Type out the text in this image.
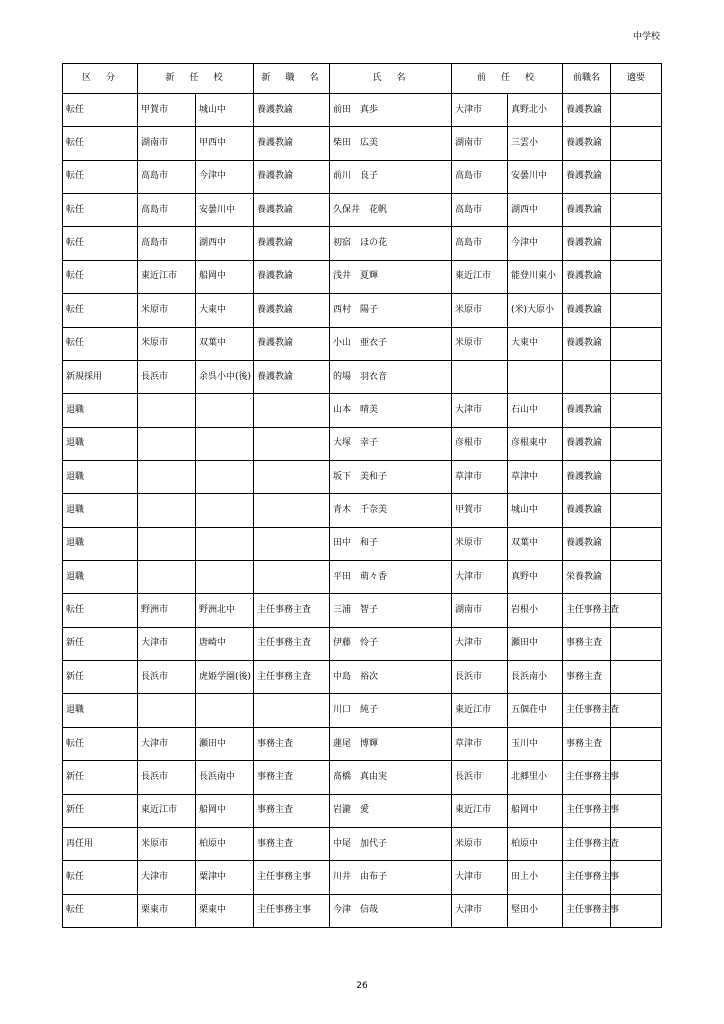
中学校
区　分	新　任　校		新　職　名	氏　名	前　任　校		前職名	適要
転任	甲賀市	城山中	養護教諭	前田　真歩	大津市	真野北小	養護教諭	
転任	湖南市	甲西中	養護教諭	柴田　広美	湖南市	三雲小	養護教諭	
転任	高島市	今津中	養護教諭	前川　良子	高島市	安曇川中	養護教諭	
転任	高島市	安曇川中	養護教諭	久保井　花帆	高島市	湖西中	養護教諭	
転任	高島市	湖西中	養護教諭	初宿　ほの花	高島市	今津中	養護教諭	
転任	東近江市	船岡中	養護教諭	浅井　夏輝	東近江市	能登川東小	養護教諭	
転任	米原市	大東中	養護教諭	西村　陽子	米原市	(米)大原小	養護教諭	
転任	米原市	双葉中	養護教諭	小山　亜衣子	米原市	大東中	養護教諭	
新規採用	長浜市	余呉小中(後)	養護教諭	的場　羽衣音				
退職				山本　晴美	大津市	石山中	養護教諭	
退職				大塚　幸子	彦根市	彦根東中	養護教諭	
退職				坂下　美和子	草津市	草津中	養護教諭	
退職				青木　千奈美	甲賀市	城山中	養護教諭	
退職				田中　和子	米原市	双葉中	養護教諭	
退職				平田　萌々香	大津市	真野中	栄養教諭	
転任	野洲市	野洲北中	主任事務主査	三浦　智子	湖南市	岩根小	主任事務主査	
新任	大津市	唐崎中	主任事務主査	伊藤　怜子	大津市	瀬田中	事務主査	
新任	長浜市	虎姫学園(後)	主任事務主査	中島　裕次	長浜市	長浜南小	事務主査	
退職				川口　純子	東近江市	五個荘中	主任事務主査	
転任	大津市	瀬田中	事務主査	蓮尾　博輝	草津市	玉川中	事務主査	
新任	長浜市	長浜南中	事務主査	髙橋　真由実	長浜市	北郷里小	主任事務主事	
新任	東近江市	船岡中	事務主査	岩瀧　愛	東近江市	船岡中	主任事務主事	
再任用	米原市	柏原中	事務主査	中尾　加代子	米原市	柏原中	主任事務主査	
転任	大津市	粟津中	主任事務主事	川井　由布子	大津市	田上小	主任事務主事	
転任	栗東市	栗東中	主任事務主事	今津　信哉	大津市	堅田小	主任事務主事	
26
